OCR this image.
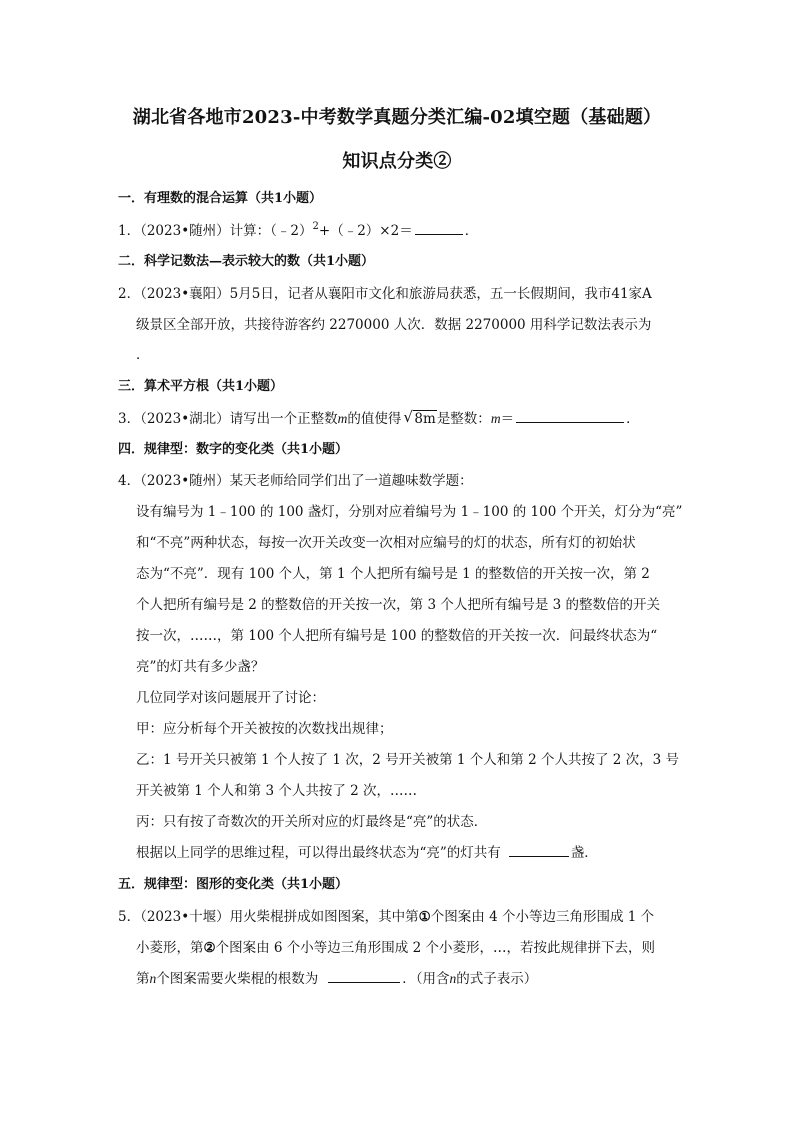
湖北省各地市2023-中考数学真题分类汇编-02填空题（基础题）
知识点分类②
一．有理数的混合运算（共1小题）
1．（2023•随州）计算：（﹣2）$^2$+（﹣2）×2＝	．
二．科学记数法—表示较大的数（共1小题）
2．（2023•襄阳）5月5日，记者从襄阳市文化和旅游局获悉，五一长假期间，我市41家A
级景区全部开放，共接待游客约 2270000 人次．数据 2270000 用科学记数法表示为
．
三．算术平方根（共1小题）
3．（2023•湖北）请写出一个正整数m的值使得 √ 8m是整数：m＝	．
四．规律型：数字的变化类（共1小题）
4．（2023•随州）某天老师给同学们出了一道趣味数学题：
设有编号为 1﹣100 的 100 盏灯，分别对应着编号为 1﹣100 的 100 个开关，灯分为“亮”
和“不亮”两种状态，每按一次开关改变一次相对应编号的灯的状态，所有灯的初始状
态为“不亮”．现有 100 个人，第 1 个人把所有编号是 1 的整数倍的开关按一次，第 2
个人把所有编号是 2 的整数倍的开关按一次，第 3 个人把所有编号是 3 的整数倍的开关
按一次，……，第 100 个人把所有编号是 100 的整数倍的开关按一次．问最终状态为“
亮”的灯共有多少盏？
几位同学对该问题展开了讨论：
甲：应分析每个开关被按的次数找出规律；
乙：1 号开关只被第 1 个人按了 1 次，2 号开关被第 1 个人和第 2 个人共按了 2 次，3 号
开关被第 1 个人和第 3 个人共按了 2 次，……
丙：只有按了奇数次的开关所对应的灯最终是“亮”的状态．
根据以上同学的思维过程，可以得出最终状态为“亮”的灯共有	盏．
五．规律型：图形的变化类（共1小题）
5．（2023•十堰）用火柴棍拼成如图图案，其中第①个图案由 4 个小等边三角形围成 1 个
小菱形，第②个图案由 6 个小等边三角形围成 2 个小菱形，…，若按此规律拼下去，则
第n个图案需要火柴棍的根数为	．（用含n的式子表示）
